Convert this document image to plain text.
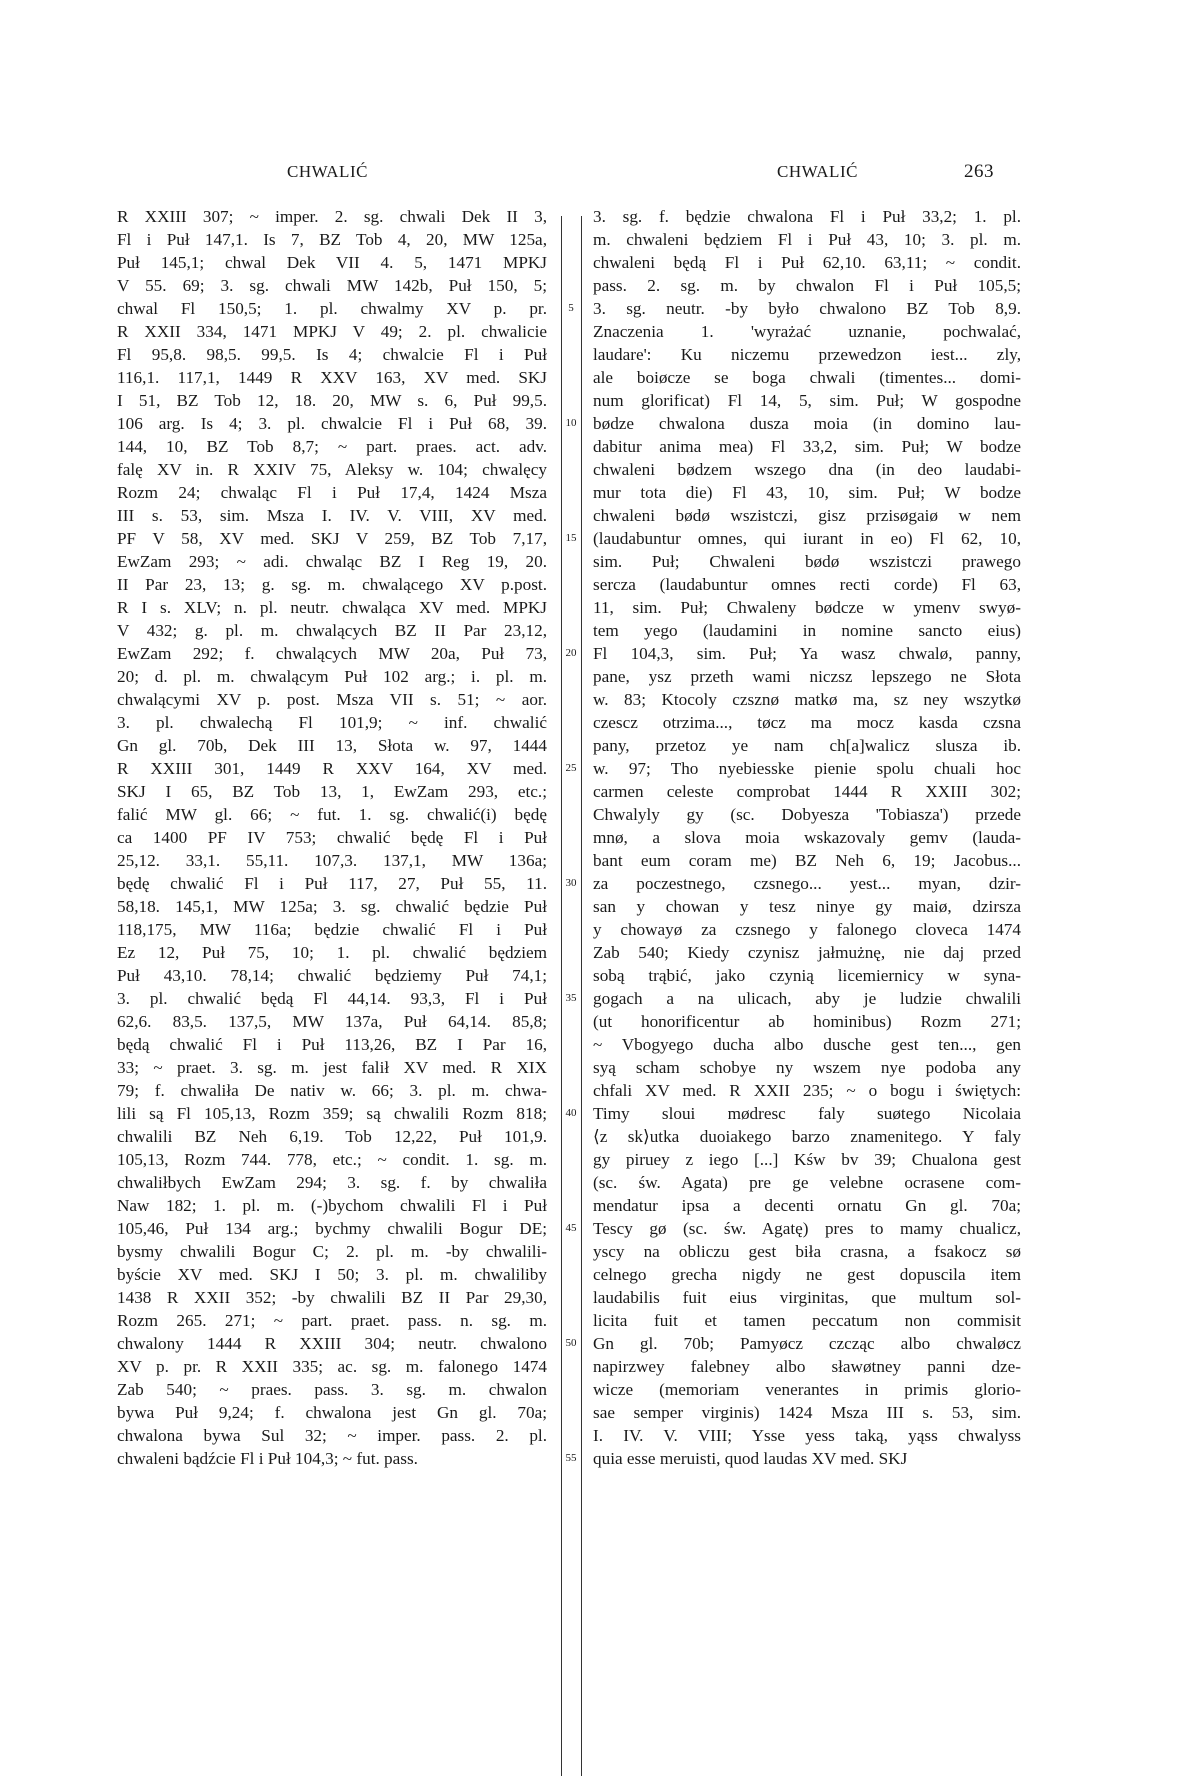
CHWALIĆ	CHWALIĆ	263
R XXIII 307; ~ imper. 2. sg. chwali Dek II 3,
Fl i Puł 147,1. Is 7, BZ Tob 4, 20, MW 125a,
Puł 145,1; chwal Dek VII 4. 5, 1471 MPKJ
V 55. 69; 3. sg. chwali MW 142b, Puł 150, 5;
chwal Fl 150,5; 1. pl. chwalmy XV p. pr.
R XXII 334, 1471 MPKJ V 49; 2. pl. chwalicie
Fl 95,8. 98,5. 99,5. Is 4; chwalcie Fl i Puł
116,1. 117,1, 1449 R XXV 163, XV med. SKJ
I 51, BZ Tob 12, 18. 20, MW s. 6, Puł 99,5.
106 arg. Is 4; 3. pl. chwalcie Fl i Puł 68, 39.
144, 10, BZ Tob 8,7; ~ part. praes. act. adv.
falę XV in. R XXIV 75, Aleksy w. 104; chwalęcy
Rozm 24; chwaląc Fl i Puł 17,4, 1424 Msza
III s. 53, sim. Msza I. IV. V. VIII, XV med.
PF V 58, XV med. SKJ V 259, BZ Tob 7,17,
EwZam 293; ~ adi. chwaląc BZ I Reg 19, 20.
II Par 23, 13; g. sg. m. chwalącego XV p.post.
R I s. XLV; n. pl. neutr. chwaląca XV med. MPKJ
V 432; g. pl. m. chwalących BZ II Par 23,12,
EwZam 292; f. chwalących MW 20a, Puł 73,
20; d. pl. m. chwalącym Puł 102 arg.; i. pl. m.
chwalącymi XV p. post. Msza VII s. 51; ~ aor.
3. pl. chwalechą Fl 101,9; ~ inf. chwalić
Gn gl. 70b, Dek III 13, Słota w. 97, 1444
R XXIII 301, 1449 R XXV 164, XV med.
SKJ I 65, BZ Tob 13, 1, EwZam 293, etc.;
falić MW gl. 66; ~ fut. 1. sg. chwalić(i) będę
ca 1400 PF IV 753; chwalić będę Fl i Puł
25,12. 33,1. 55,11. 107,3. 137,1, MW 136a;
będę chwalić Fl i Puł 117, 27, Puł 55, 11.
58,18. 145,1, MW 125a; 3. sg. chwalić będzie Puł
118,175, MW 116a; będzie chwalić Fl i Puł
Ez 12, Puł 75, 10; 1. pl. chwalić będziem
Puł 43,10. 78,14; chwalić będziemy Puł 74,1;
3. pl. chwalić będą Fl 44,14. 93,3, Fl i Puł
62,6. 83,5. 137,5, MW 137a, Puł 64,14. 85,8;
będą chwalić Fl i Puł 113,26, BZ I Par 16,
33; ~ praet. 3. sg. m. jest falił XV med. R XIX
79; f. chwaliła De nativ w. 66; 3. pl. m. chwa-
lili są Fl 105,13, Rozm 359; są chwalili Rozm 818;
chwalili BZ Neh 6,19. Tob 12,22, Puł 101,9.
105,13, Rozm 744. 778, etc.; ~ condit. 1. sg. m.
chwaliłbych EwZam 294; 3. sg. f. by chwaliła
Naw 182; 1. pl. m. (-)bychom chwalili Fl i Puł
105,46, Puł 134 arg.; bychmy chwalili Bogur DE;
bysmy chwalili Bogur C; 2. pl. m. -by chwalili-
byście XV med. SKJ I 50; 3. pl. m. chwaliliby
1438 R XXII 352; -by chwalili BZ II Par 29,30,
Rozm 265. 271; ~ part. praet. pass. n. sg. m.
chwalony 1444 R XXIII 304; neutr. chwalono
XV p. pr. R XXII 335; ac. sg. m. falonego 1474
Zab 540; ~ praes. pass. 3. sg. m. chwalon
bywa Puł 9,24; f. chwalona jest Gn gl. 70a;
chwalona bywa Sul 32; ~ imper. pass. 2. pl.
chwaleni bądźcie Fl i Puł 104,3; ~ fut. pass.
5
10
15
20
25
30
35
40
45
50
55
3. sg. f. będzie chwalona Fl i Puł 33,2; 1. pl.
m. chwaleni będziem Fl i Puł 43, 10; 3. pl. m.
chwaleni będą Fl i Puł 62,10. 63,11; ~ condit.
pass. 2. sg. m. by chwalon Fl i Puł 105,5;
3. sg. neutr. -by było chwalono BZ Tob 8,9.
Znaczenia 1. 'wyrażać uznanie, pochwalać,
laudare': Ku niczemu przewedzon iest... zly,
ale boiøcze se boga chwali (timentes... domi-
num glorificat) Fl 14, 5, sim. Puł; W gospodne
bødze chwalona dusza moia (in domino lau-
dabitur anima mea) Fl 33,2, sim. Puł; W bodze
chwaleni bødzem wszego dna (in deo laudabi-
mur tota die) Fl 43, 10, sim. Puł; W bodze
chwaleni bødø wszistczi, gisz przisøgaiø w nem
(laudabuntur omnes, qui iurant in eo) Fl 62, 10,
sim. Puł; Chwaleni bødø wszistczi prawego
sercza (laudabuntur omnes recti corde) Fl 63,
11, sim. Puł; Chwaleny bødcze w ymenv swyø-
tem yego (laudamini in nomine sancto eius)
Fl 104,3, sim. Puł; Ya wasz chwalø, panny,
pane, ysz przeth wami niczsz lepszego ne Słota
w. 83; Ktocoly czsznø matkø ma, sz ney wszytkø
czescz otrzima..., tøcz ma mocz kasda czsna
pany, przetoz ye nam ch[a]walicz slusza ib.
w. 97; Tho nyebiesske pienie spolu chuali hoc
carmen celeste comprobat 1444 R XXIII 302;
Chwalyly gy (sc. Dobyesza 'Tobiasza') przede
mnø, a slova moia wskazovaly gemv (lauda-
bant eum coram me) BZ Neh 6, 19; Jacobus...
za poczestnego, czsnego... yest... myan, dzir-
san y chowan y tesz ninye gy maiø, dzirsza
y chowayø za czsnego y falonego cloveca 1474
Zab 540; Kiedy czynisz jałmużnę, nie daj przed
sobą trąbić, jako czynią licemiernicy w syna-
gogach a na ulicach, aby je ludzie chwalili
(ut honorificentur ab hominibus) Rozm 271;
~ Vbogyego ducha albo dusche gest ten..., gen
syą scham schobye ny wszem nye podoba any
chfali XV med. R XXII 235; ~ o bogu i świętych:
Timy sloui mødresc faly suøtego Nicolaia
⟨z sk⟩utka duoiakego barzo znamenitego. Y faly
gy piruey z iego [...] Kśw bv 39; Chualona gest
(sc. św. Agata) pre ge velebne ocrasene com-
mendatur ipsa a decenti ornatu Gn gl. 70a;
Tescy gø (sc. św. Agatę) pres to mamy chualicz,
yscy na obliczu gest biła crasna, a fsakocz sø
celnego grecha nigdy ne gest dopuscila item
laudabilis fuit eius virginitas, que multum sol-
licita fuit et tamen peccatum non commisit
Gn gl. 70b; Pamyøcz czcząc albo chwaløcz
napirzwey falebney albo sławøtney panni dze-
wicze (memoriam venerantes in primis glorio-
sae semper virginis) 1424 Msza III s. 53, sim.
I. IV. V. VIII; Ysse yess taką, yąss chwalyss
quia esse meruisti, quod laudas XV med. SKJ
